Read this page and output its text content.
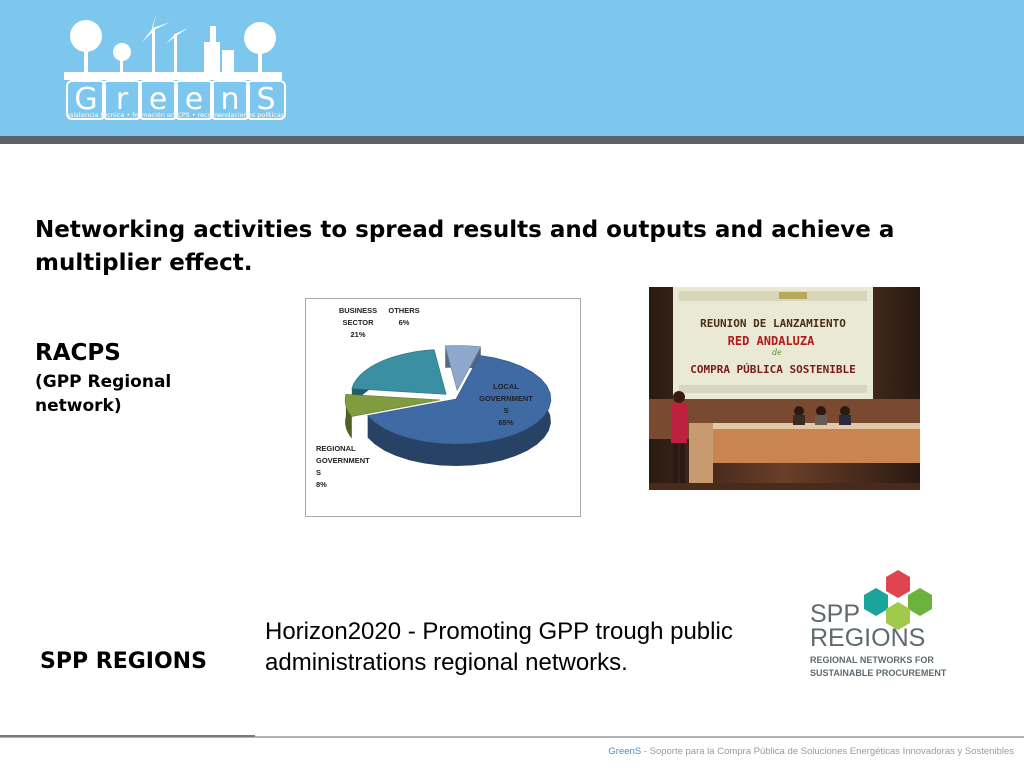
G r e e n S
asistencia técnica • formación en CPS • recomendaciones políticas
Networking activities to spread results and outputs and achieve a multiplier effect.
RACPS
(GPP Regional network)
LOCAL GOVERNMENT S 65%
REGIONAL GOVERNMENT S 8%
BUSINESS SECTOR 21%
OTHERS 6%	REUNION DE LANZAMIENTO
RED ANDALUZA
de
COMPRA PÚBLICA SOSTENIBLE
SPP REGIONS
Horizon2020 - Promoting GPP trough public administrations regional networks.
SPP
REGIONS
REGIONAL NETWORKS FOR
SUSTAINABLE PROCUREMENT
GreenS - Soporte para la Compra Pública de Soluciones Energéticas Innovadoras y Sostenibles
